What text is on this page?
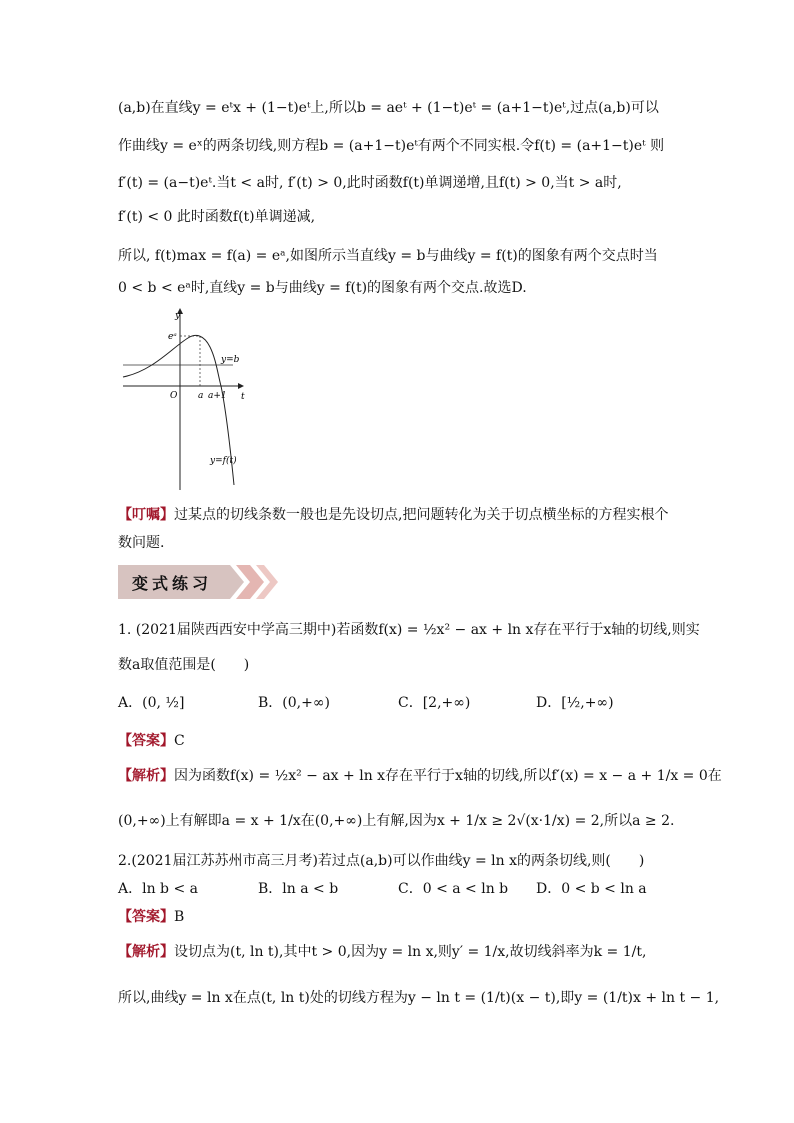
(a,b)在直线y = eᵗx + (1−t)eᵗ上,所以b = aeᵗ + (1−t)eᵗ = (a+1−t)eᵗ,过点(a,b)可以
作曲线y = eˣ的两条切线,则方程b = (a+1−t)eᵗ有两个不同实根.令f(t) = (a+1−t)eᵗ 则
f′(t) = (a−t)eᵗ.当t < a时, f′(t) > 0,此时函数f(t)单调递增,且f(t) > 0,当t > a时,
f′(t) < 0 此时函数f(t)单调递减,
所以, f(t)max = f(a) = eᵃ,如图所示当直线y = b与曲线y = f(t)的图象有两个交点时当
0 < b < eᵃ时,直线y = b与曲线y = f(t)的图象有两个交点.故选D.
y
t
O
eᵃ
a a+1
y=b
y=f(t)
【叮嘱】过某点的切线条数一般也是先设切点,把问题转化为关于切点横坐标的方程实根个
数问题.
变式练习
1. (2021届陕西西安中学高三期中)若函数f(x) = ½x² − ax + ln x存在平行于x轴的切线,则实
数a取值范围是(　　)
A．(0, ½]	B．(0,+∞)	C．[2,+∞)	D．[½,+∞)
【答案】C
【解析】因为函数f(x) = ½x² − ax + ln x存在平行于x轴的切线,所以f′(x) = x − a + 1/x = 0在
(0,+∞)上有解即a = x + 1/x在(0,+∞)上有解,因为x + 1/x ≥ 2√(x·1/x) = 2,所以a ≥ 2.
2.(2021届江苏苏州市高三月考)若过点(a,b)可以作曲线y = ln x的两条切线,则(　　)
A．ln b < a	B．ln a < b	C．0 < a < ln b D．0 < b < ln a
【答案】B
【解析】设切点为(t, ln t),其中t > 0,因为y = ln x,则y′ = 1/x,故切线斜率为k = 1/t,
所以,曲线y = ln x在点(t, ln t)处的切线方程为y − ln t = (1/t)(x − t),即y = (1/t)x + ln t − 1,
